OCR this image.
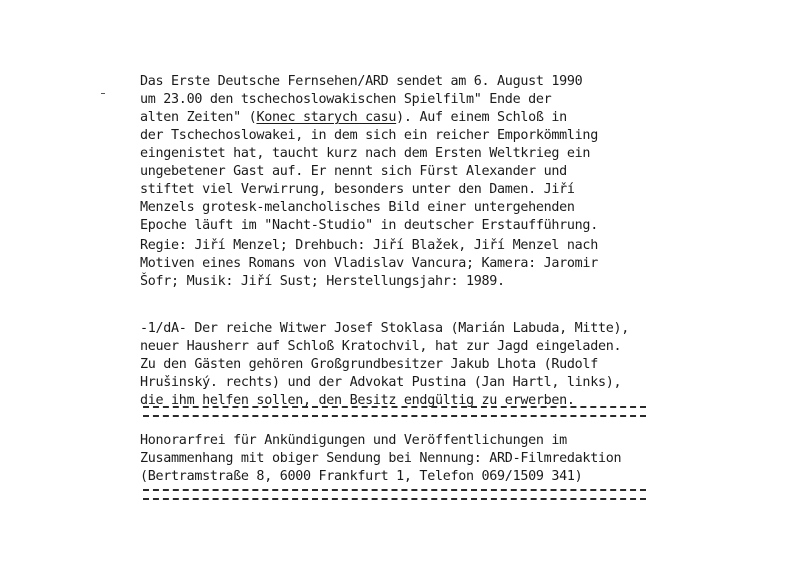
Das Erste Deutsche Fernsehen/ARD sendet am 6. August 1990
um 23.00 den tschechoslowakischen Spielfilm" Ende der
alten Zeiten" (Konec starych casu). Auf einem Schloß in
der Tschechoslowakei, in dem sich ein reicher Emporkömmling
eingenistet hat, taucht kurz nach dem Ersten Weltkrieg ein
ungebetener Gast auf. Er nennt sich Fürst Alexander und
stiftet viel Verwirrung, besonders unter den Damen. Jiří
Menzels grotesk-melancholisches Bild einer untergehenden
Epoche läuft im "Nacht-Studio" in deutscher Erstaufführung.
Regie: Jiří Menzel; Drehbuch: Jiří Blažek, Jiří Menzel nach
Motiven eines Romans von Vladislav Vancura; Kamera: Jaromir
Šofr; Musik: Jiří Sust; Herstellungsjahr: 1989.
-1/dA- Der reiche Witwer Josef Stoklasa (Marián Labuda, Mitte),
neuer Hausherr auf Schloß Kratochvil, hat zur Jagd eingeladen.
Zu den Gästen gehören Großgrundbesitzer Jakub Lhota (Rudolf
Hrušinský. rechts) und der Advokat Pustina (Jan Hartl, links),
die ihm helfen sollen, den Besitz endgültig zu erwerben.
Honorarfrei für Ankündigungen und Veröffentlichungen im
Zusammenhang mit obiger Sendung bei Nennung: ARD-Filmredaktion
(Bertramstraße 8, 6000 Frankfurt 1, Telefon 069/1509 341)
